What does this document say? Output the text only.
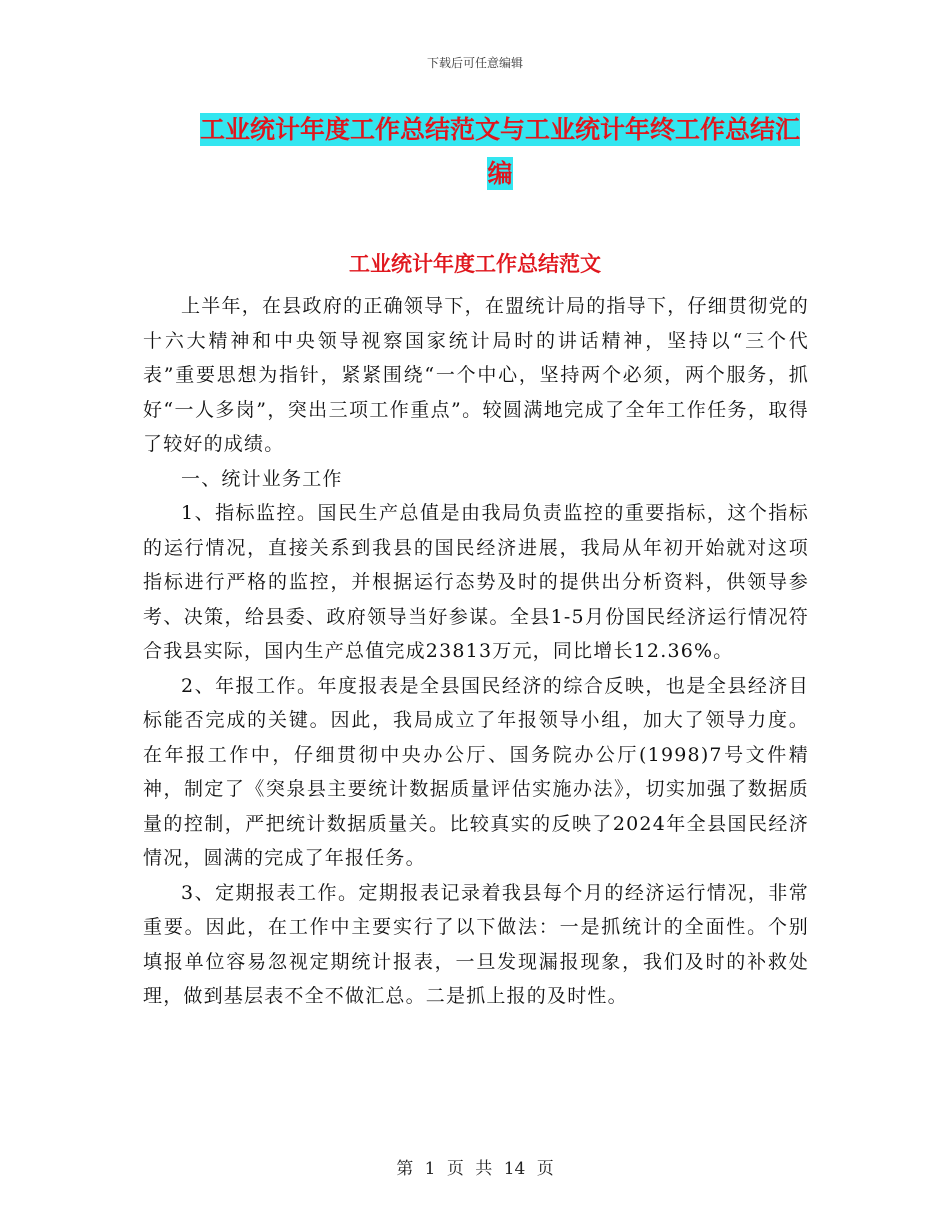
下载后可任意编辑
工业统计年度工作总结范文与工业统计年终工作总结汇编
工业统计年度工作总结范文

上半年，在县政府的正确领导下，在盟统计局的指导下，仔细贯彻党的十六大精神和中央领导视察国家统计局时的讲话精神，坚持以“三个代表”重要思想为指针，紧紧围绕“一个中心，坚持两个必须，两个服务，抓好“一人多岗”，突出三项工作重点”。较圆满地完成了全年工作任务，取得了较好的成绩。

一、统计业务工作

1、指标监控。国民生产总值是由我局负责监控的重要指标，这个指标的运行情况，直接关系到我县的国民经济进展，我局从年初开始就对这项指标进行严格的监控，并根据运行态势及时的提供出分析资料，供领导参考、决策，给县委、政府领导当好参谋。全县1-5月份国民经济运行情况符合我县实际，国内生产总值完成23813万元，同比增长12.36%。

2、年报工作。年度报表是全县国民经济的综合反映，也是全县经济目标能否完成的关键。因此，我局成立了年报领导小组，加大了领导力度。在年报工作中，仔细贯彻中央办公厅、国务院办公厅(1998)7号文件精神，制定了《突泉县主要统计数据质量评估实施办法》，切实加强了数据质量的控制，严把统计数据质量关。比较真实的反映了2024年全县国民经济情况，圆满的完成了年报任务。

3、定期报表工作。定期报表记录着我县每个月的经济运行情况，非常重要。因此，在工作中主要实行了以下做法：一是抓统计的全面性。个别填报单位容易忽视定期统计报表，一旦发现漏报现象，我们及时的补救处理，做到基层表不全不做汇总。二是抓上报的及时性。

第 1 页 共 14 页
